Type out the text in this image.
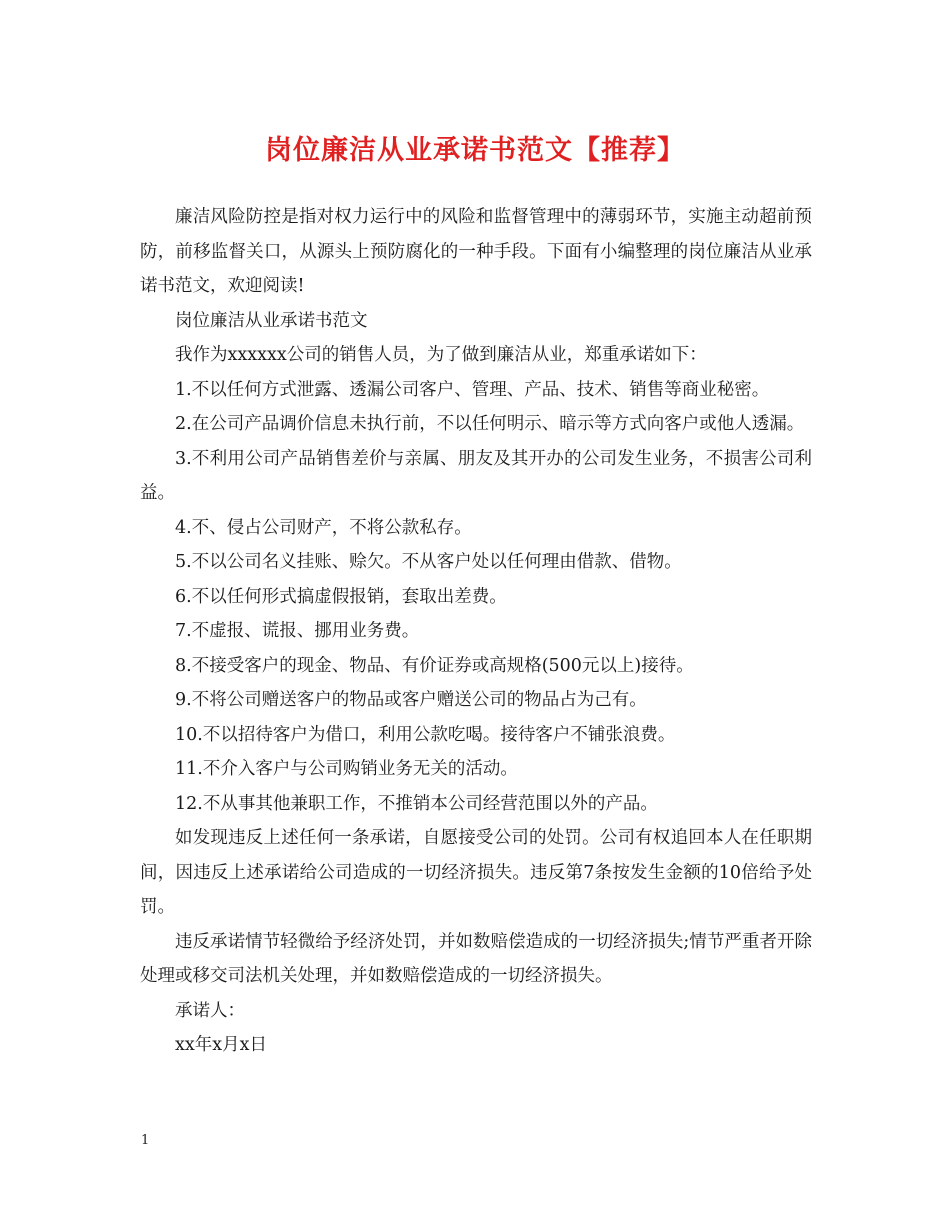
岗位廉洁从业承诺书范文【推荐】

廉洁风险防控是指对权力运行中的风险和监督管理中的薄弱环节，实施主动超前预防，前移监督关口，从源头上预防腐化的一种手段。下面有小编整理的岗位廉洁从业承诺书范文，欢迎阅读!

岗位廉洁从业承诺书范文

我作为xxxxxx公司的销售人员，为了做到廉洁从业，郑重承诺如下：

1.不以任何方式泄露、透漏公司客户、管理、产品、技术、销售等商业秘密。

2.在公司产品调价信息未执行前，不以任何明示、暗示等方式向客户或他人透漏。

3.不利用公司产品销售差价与亲属、朋友及其开办的公司发生业务，不损害公司利益。

4.不、侵占公司财产，不将公款私存。

5.不以公司名义挂账、赊欠。不从客户处以任何理由借款、借物。

6.不以任何形式搞虚假报销，套取出差费。

7.不虚报、谎报、挪用业务费。

8.不接受客户的现金、物品、有价证券或高规格(500元以上)接待。

9.不将公司赠送客户的物品或客户赠送公司的物品占为己有。

10.不以招待客户为借口，利用公款吃喝。接待客户不铺张浪费。

11.不介入客户与公司购销业务无关的活动。

12.不从事其他兼职工作，不推销本公司经营范围以外的产品。

如发现违反上述任何一条承诺，自愿接受公司的处罚。公司有权追回本人在任职期间，因违反上述承诺给公司造成的一切经济损失。违反第7条按发生金额的10倍给予处罚。

违反承诺情节轻微给予经济处罚，并如数赔偿造成的一切经济损失;情节严重者开除处理或移交司法机关处理，并如数赔偿造成的一切经济损失。

承诺人：

xx年x月x日

1
